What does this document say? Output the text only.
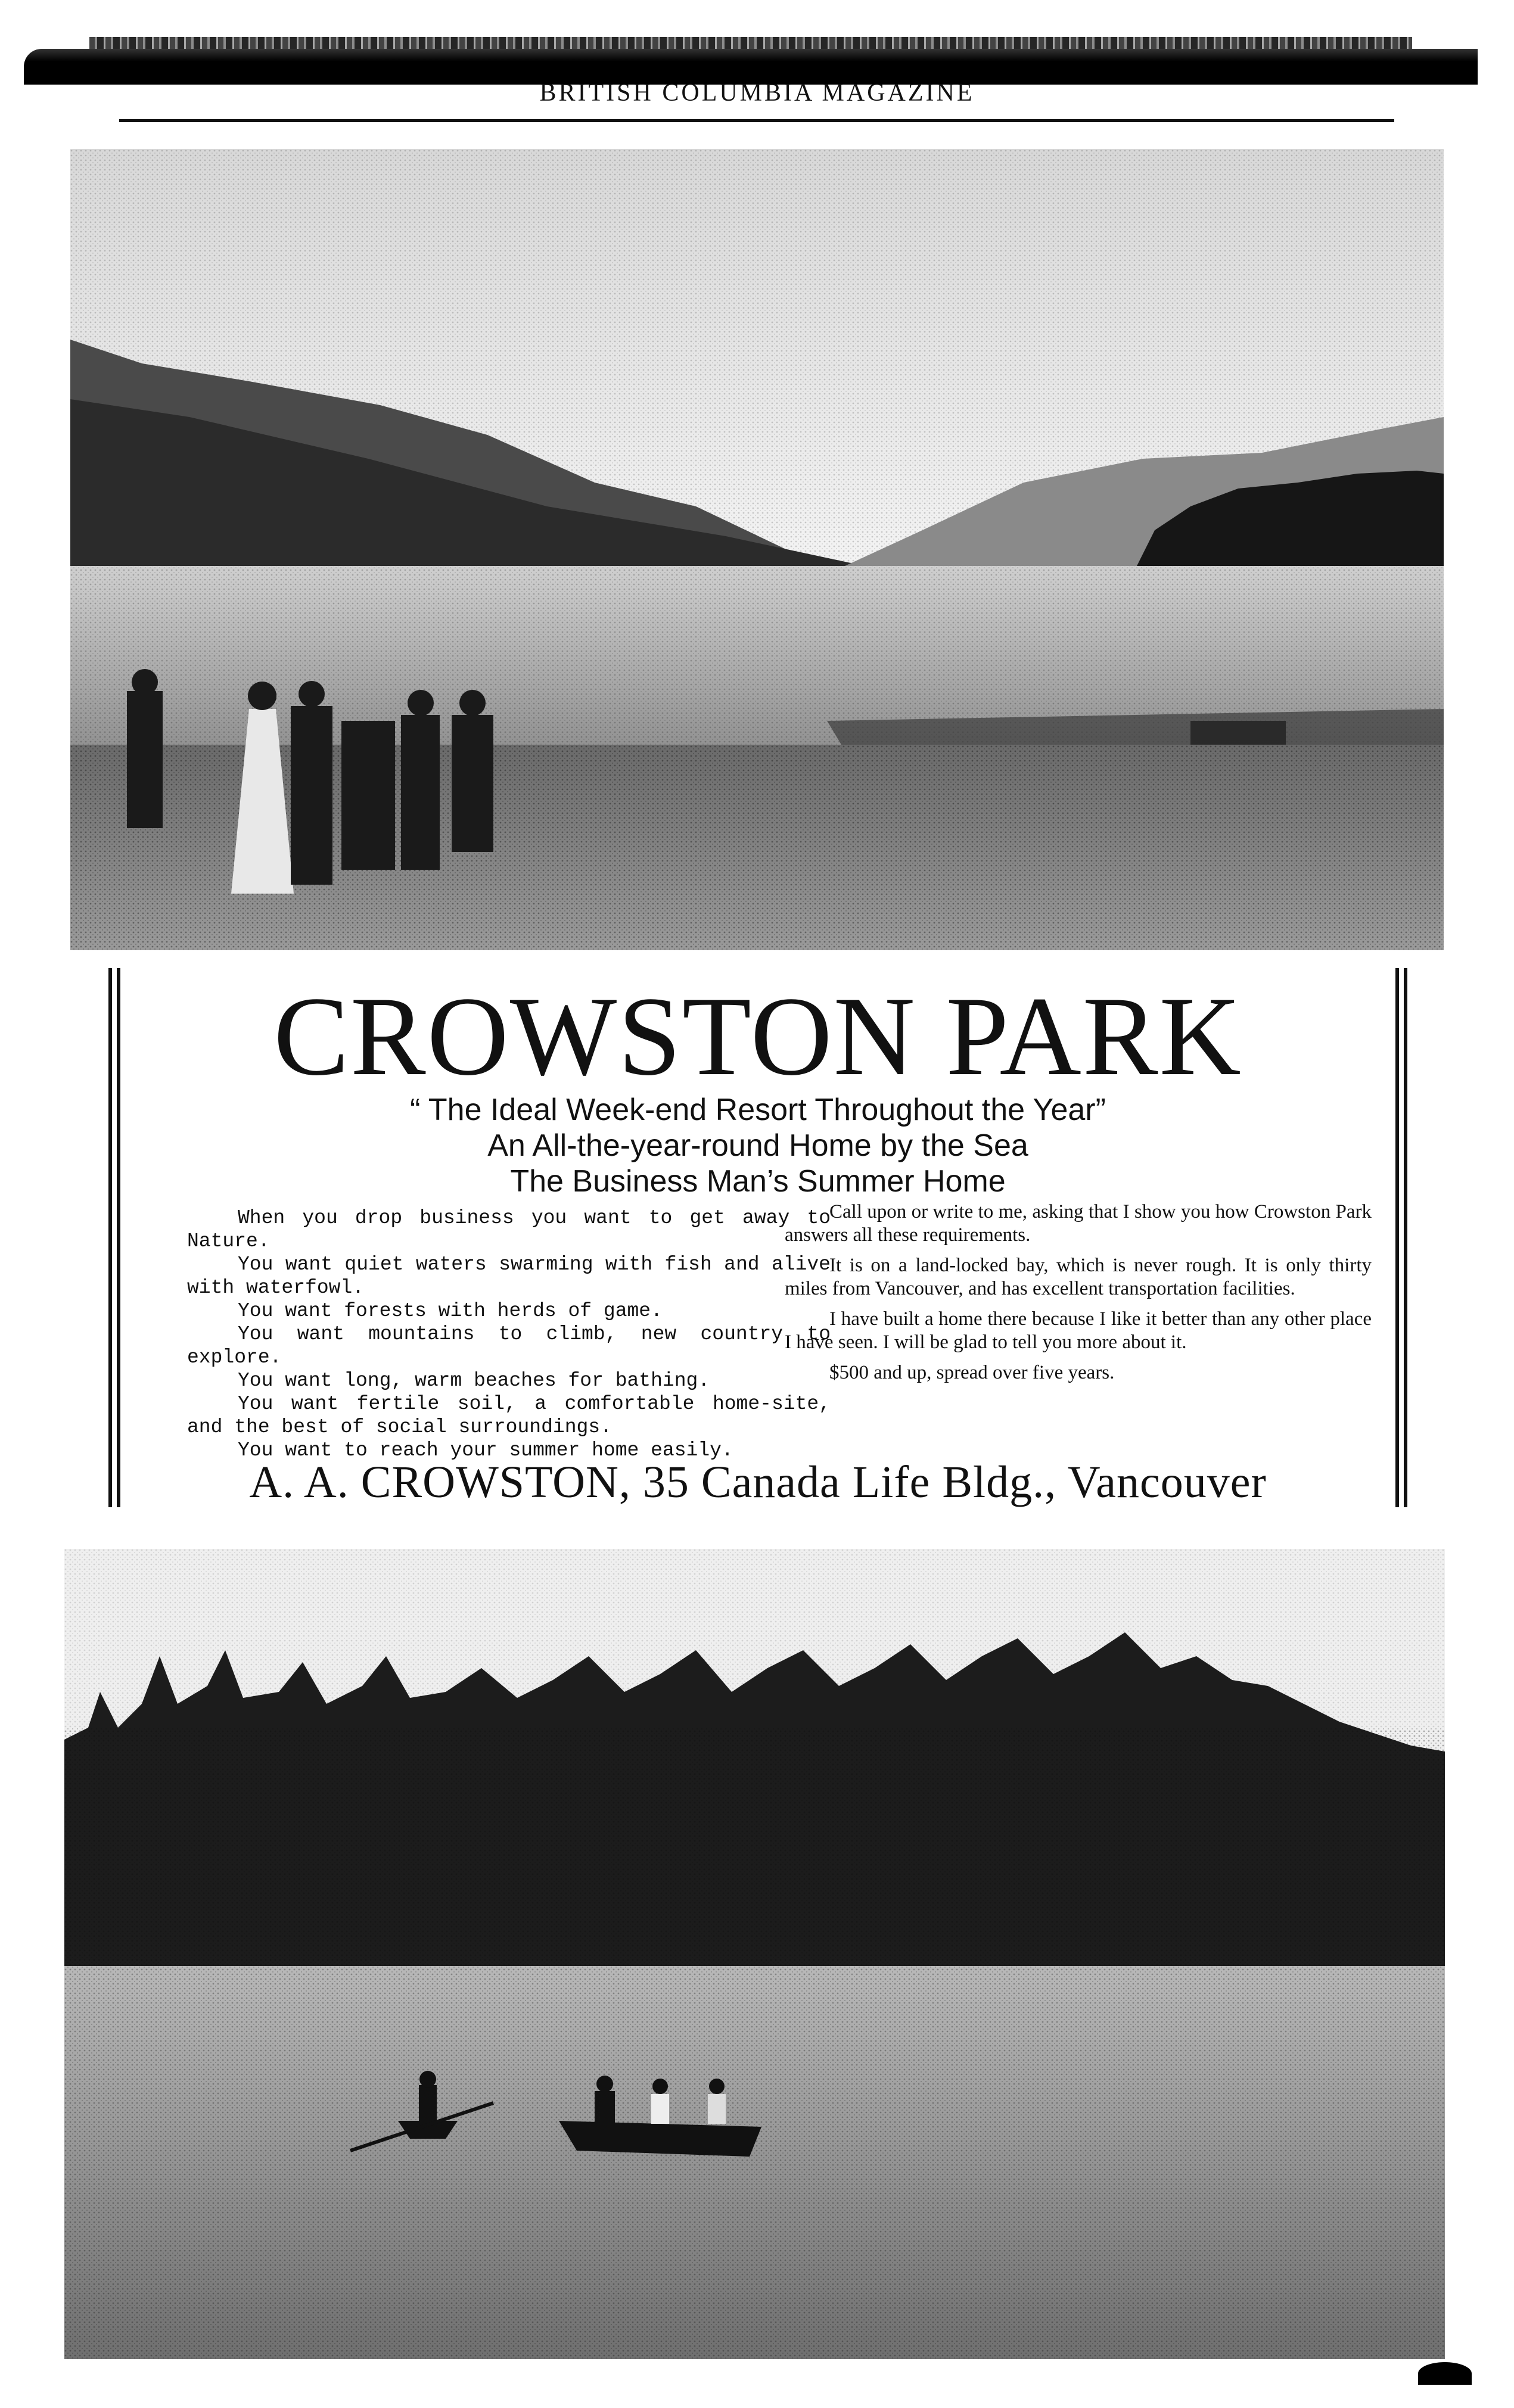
BRITISH COLUMBIA MAGAZINE
CROWSTON PARK
“ The Ideal Week-end Resort Throughout the Year”
An All-the-year-round Home by the Sea
The Business Man’s Summer Home

When you drop business you want to get away to Nature.

You want quiet waters swarming with fish and alive with waterfowl.

You want forests with herds of game.

You want mountains to climb, new country to explore.

You want long, warm beaches for bathing.

You want fertile soil, a comfortable home-site, and the best of social surroundings.

You want to reach your summer home easily.

Call upon or write to me, asking that I show you how Crowston Park answers all these requirements.

It is on a land-locked bay, which is never rough. It is only thirty miles from Vancouver, and has excellent transportation facilities.

I have built a home there because I like it better than any other place I have seen. I will be glad to tell you more about it.

$500 and up, spread over five years.

A. A. CROWSTON, 35 Canada Life Bldg., Vancouver
